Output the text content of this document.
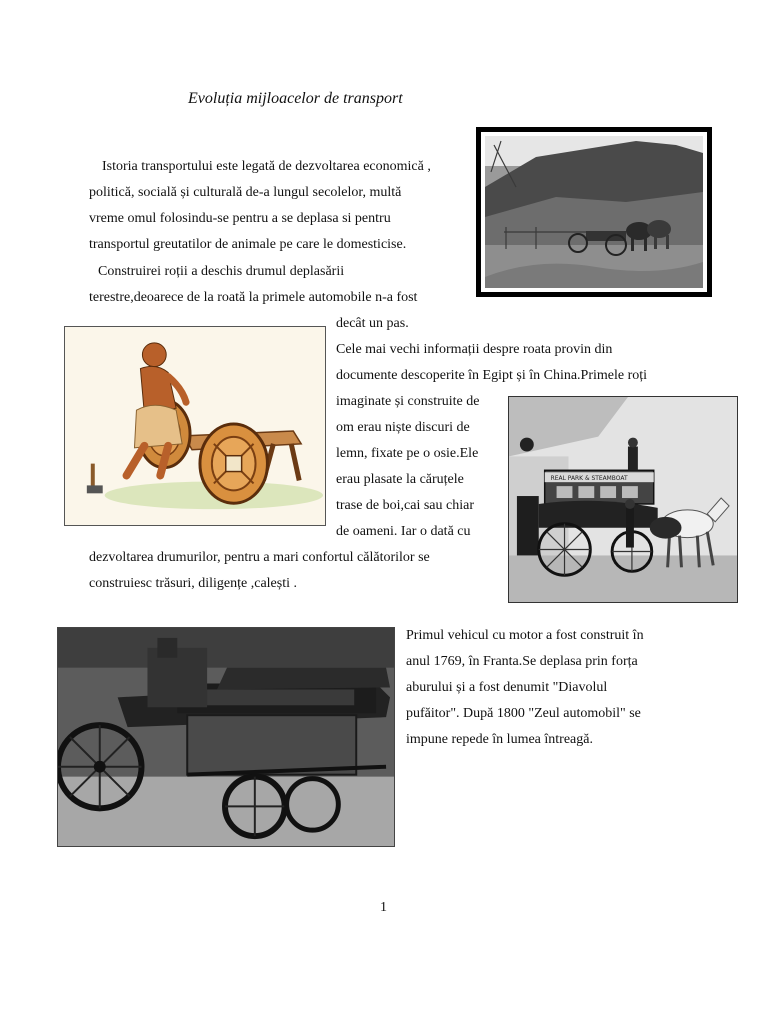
Evoluția mijloacelor de transport
Istoria transportului este legată de dezvoltarea economică ,
politică, socială și culturală de-a lungul secolelor, multă
vreme omul folosindu-se pentru a se deplasa si pentru
transportul greutatilor de animale pe care le domesticise.
Construirei roții a deschis drumul deplasării
terestre,deoarece de la roată la primele automobile n-a fost
decât un pas.
Cele mai vechi informații despre roata provin din
documente descoperite în Egipt și în China.Primele roți
imaginate și construite de
om erau niște discuri de
lemn, fixate pe o osie.Ele
erau plasate la căruțele
trase de boi,cai sau chiar
de oameni. Iar o dată cu
dezvoltarea drumurilor, pentru a mari confortul călătorilor se
construiesc trăsuri, diligențe ,calești .
Primul vehicul cu motor a fost construit în
anul 1769, în Franta.Se deplasa prin forța
aburului și a fost denumit "Diavolul
pufăitor". După 1800 "Zeul automobil" se
impune repede în lumea întreagă.
REAL PARK & STEAMBOAT
1
